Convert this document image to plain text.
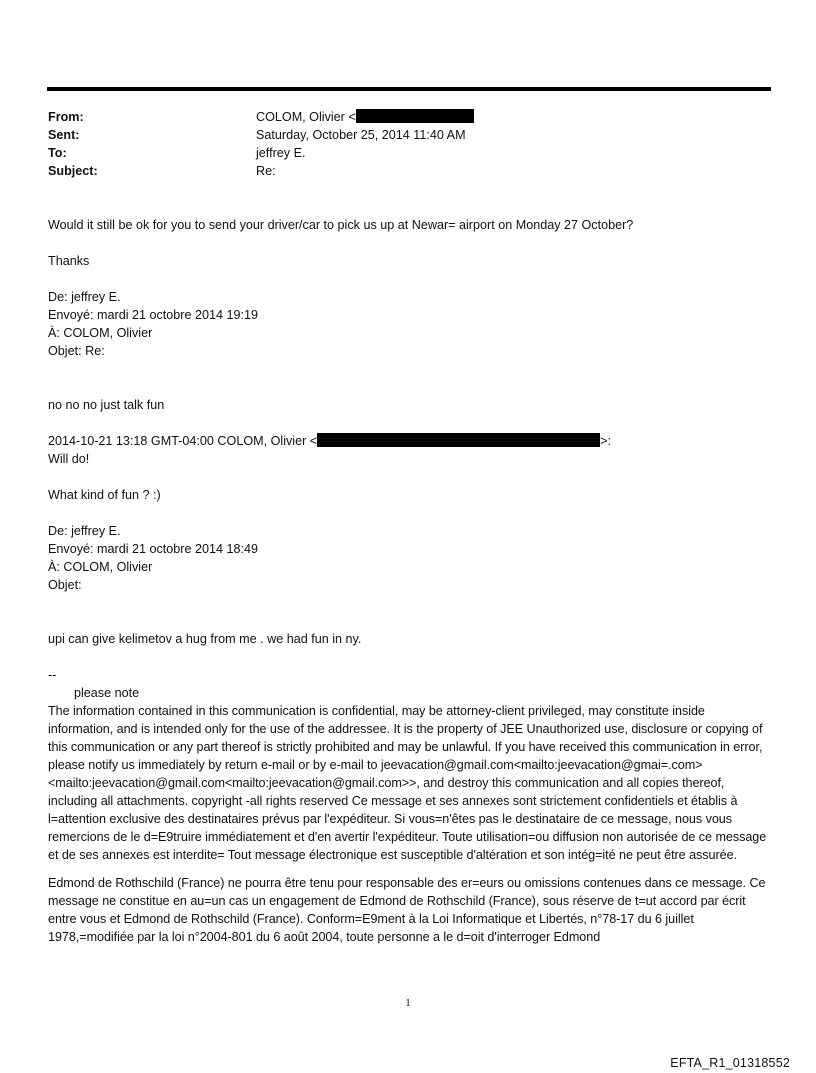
From:	COLOM, Olivier <
Sent:	Saturday, October 25, 2014 11:40 AM
To:	jeffrey E.
Subject:	Re:

Would it still be ok for you to send your driver/car to pick us up at Newar= airport on Monday 27 October?

Thanks

De: jeffrey E.

Envoyé: mardi 21 octobre 2014 19:19

À: COLOM, Olivier

Objet: Re:

no no no just talk fun

2014-10-21 13:18 GMT-04:00 COLOM, Olivier <	>:

Will do!

What kind of fun ? :)

De: jeffrey E.

Envoyé: mardi 21 octobre 2014 18:49

À: COLOM, Olivier

Objet:

upi can give kelimetov a hug from me . we had fun in ny.

--

please note

The information contained in this communication is confidential, may be attorney-client privileged, may constitute inside information, and is intended only for the use of the addressee. It is the property of JEE Unauthorized use, disclosure or copying of this communication or any part thereof is strictly prohibited and may be unlawful. If you have received this communication in error, please notify us immediately by return e-mail or by e-mail to jeevacation@gmail.com<mailto:jeevacation@gmai=.com><mailto:jeevacation@gmail.com<mailto:jeevacation@gmail.com>>, and destroy this communication and all copies thereof, including all attachments. copyright -all rights reserved Ce message et ses annexes sont strictement confidentiels et établis à l=attention exclusive des destinataires prévus par l'expéditeur. Si vous=n'êtes pas le destinataire de ce message, nous vous remercions de le d=E9truire immédiatement et d'en avertir l'expéditeur. Toute utilisation=ou diffusion non autorisée de ce message et de ses annexes est interdite= Tout message électronique est susceptible d'altération et son intég=ité ne peut être assurée.

Edmond de Rothschild (France) ne pourra être tenu pour responsable des er=eurs ou omissions contenues dans ce message. Ce message ne constitue en au=un cas un engagement de Edmond de Rothschild (France), sous réserve de t=ut accord par écrit entre vous et Edmond de Rothschild (France). Conform=E9ment à la Loi Informatique et Libertés, n°78-17 du 6 juillet 1978,=modifiée par la loi n°2004-801 du 6 août 2004, toute personne a le d=oit d'interroger Edmond

1
EFTA_R1_01318552
